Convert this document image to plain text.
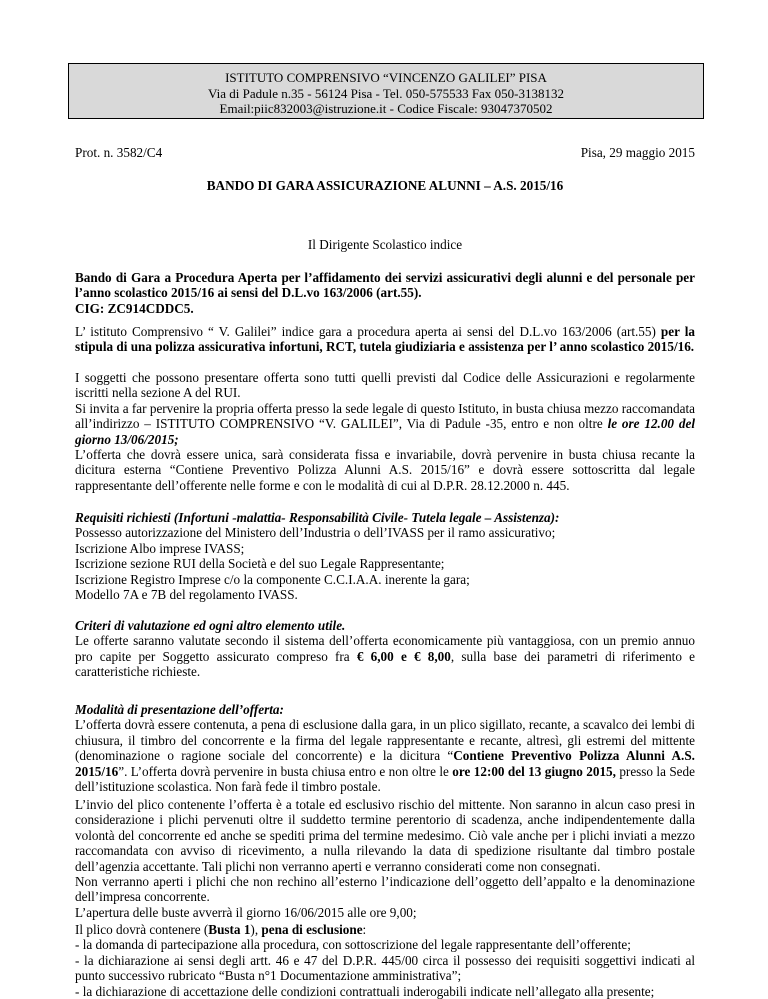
ISTITUTO COMPRENSIVO “VINCENZO GALILEI” PISA
Via di Padule n.35 - 56124 Pisa - Tel. 050-575533 Fax 050-3138132
Email:piic832003@istruzione.it - Codice Fiscale: 93047370502
Prot. n. 3582/C4	Pisa, 29 maggio 2015
BANDO DI GARA ASSICURAZIONE ALUNNI – A.S. 2015/16
Il Dirigente Scolastico indice

Bando di Gara a Procedura Aperta per l’affidamento dei servizi assicurativi degli alunni e del personale per l’anno scolastico 2015/16 ai sensi del D.L.vo 163/2006 (art.55).

CIG: ZC914CDDC5.

L’ istituto Comprensivo “ V. Galilei” indice gara a procedura aperta ai sensi del D.L.vo 163/2006 (art.55) per la stipula di una polizza assicurativa infortuni, RCT, tutela giudiziaria e assistenza per l’ anno scolastico 2015/16.

I soggetti che possono presentare offerta sono tutti quelli previsti dal Codice delle Assicurazioni e regolarmente iscritti nella sezione A del RUI.

Si invita a far pervenire la propria offerta presso la sede legale di questo Istituto, in busta chiusa mezzo raccomandata all’indirizzo – ISTITUTO COMPRENSIVO “V. GALILEI”, Via di Padule -35, entro e non oltre le ore 12.00 del giorno 13/06/2015;

L’offerta che dovrà essere unica, sarà considerata fissa e invariabile, dovrà pervenire in busta chiusa recante la dicitura esterna “Contiene Preventivo Polizza Alunni A.S. 2015/16” e dovrà essere sottoscritta dal legale rappresentante dell’offerente nelle forme e con le modalità di cui al D.P.R. 28.12.2000 n. 445.

Requisiti richiesti (Infortuni -malattia- Responsabilità Civile- Tutela legale – Assistenza):

Possesso autorizzazione del Ministero dell’Industria o dell’IVASS per il ramo assicurativo;

Iscrizione Albo imprese IVASS;

Iscrizione sezione RUI della Società e del suo Legale Rappresentante;

Iscrizione Registro Imprese c/o la componente C.C.I.A.A. inerente la gara;

Modello 7A e 7B del regolamento IVASS.

Criteri di valutazione ed ogni altro elemento utile.

Le offerte saranno valutate secondo il sistema dell’offerta economicamente più vantaggiosa, con un premio annuo pro capite per Soggetto assicurato compreso fra € 6,00 e € 8,00, sulla base dei parametri di riferimento e caratteristiche richieste.

Modalità di presentazione dell’offerta:

L’offerta dovrà essere contenuta, a pena di esclusione dalla gara, in un plico sigillato, recante, a scavalco dei lembi di chiusura, il timbro del concorrente e la firma del legale rappresentante e recante, altresì, gli estremi del mittente (denominazione o ragione sociale del concorrente) e la dicitura “Contiene Preventivo Polizza Alunni A.S. 2015/16”. L’offerta dovrà pervenire in busta chiusa entro e non oltre le ore 12:00 del 13 giugno 2015, presso la Sede dell’istituzione scolastica. Non farà fede il timbro postale.

L’invio del plico contenente l’offerta è a totale ed esclusivo rischio del mittente. Non saranno in alcun caso presi in considerazione i plichi pervenuti oltre il suddetto termine perentorio di scadenza, anche indipendentemente dalla volontà del concorrente ed anche se spediti prima del termine medesimo. Ciò vale anche per i plichi inviati a mezzo raccomandata con avviso di ricevimento, a nulla rilevando la data di spedizione risultante dal timbro postale dell’agenzia accettante. Tali plichi non verranno aperti e verranno considerati come non consegnati.

Non verranno aperti i plichi che non rechino all’esterno l’indicazione dell’oggetto dell’appalto e la denominazione dell’impresa concorrente.

L’apertura delle buste avverrà il giorno 16/06/2015 alle ore 9,00;

Il plico dovrà contenere (Busta 1), pena di esclusione:

- la domanda di partecipazione alla procedura, con sottoscrizione del legale rappresentante dell’offerente;

- la dichiarazione ai sensi degli artt. 46 e 47 del D.P.R. 445/00 circa il possesso dei requisiti soggettivi indicati al punto successivo rubricato “Busta n°1 Documentazione amministrativa”;

- la dichiarazione di accettazione delle condizioni contrattuali inderogabili indicate nell’allegato alla presente;
